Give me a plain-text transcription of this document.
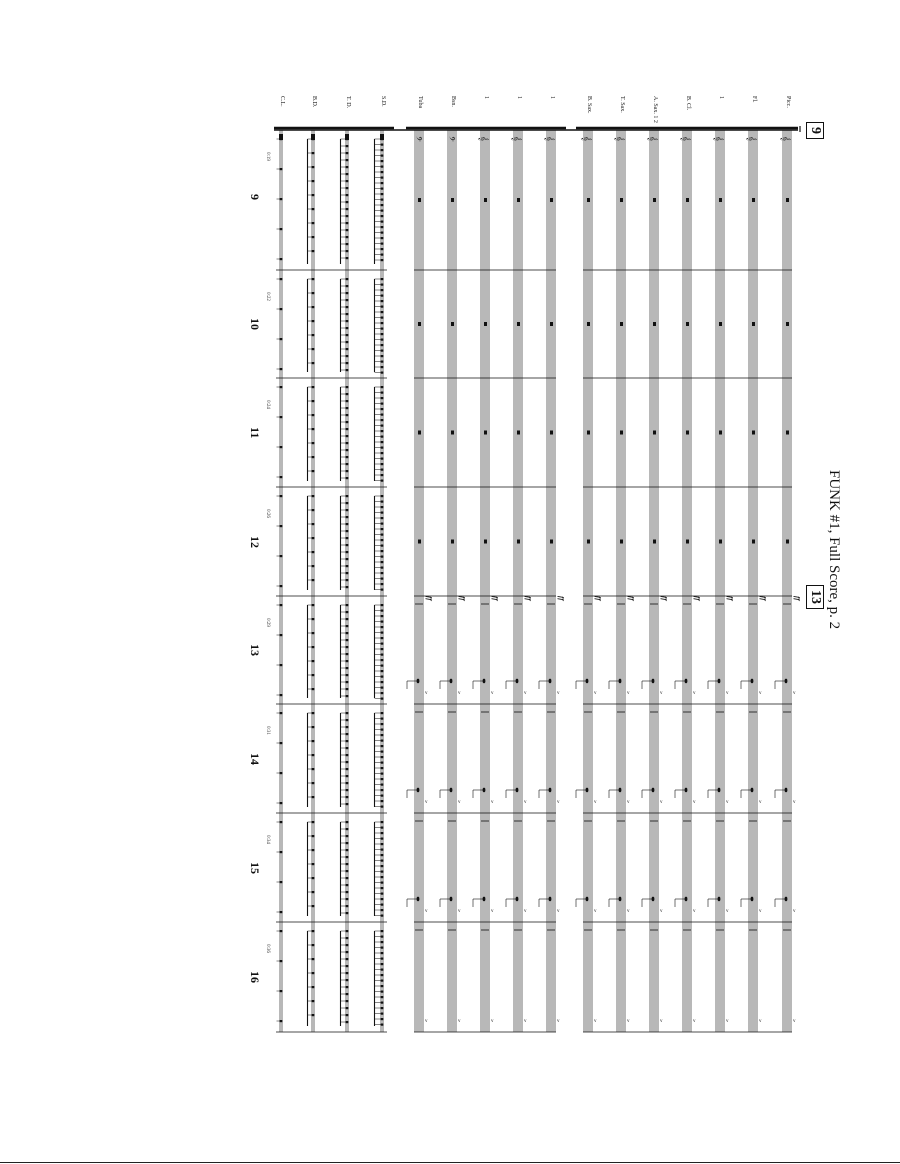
𝄞
𝄞
𝄞
𝄞
𝄞
𝄞
𝄞
𝄞
𝄞
𝄞
𝄢
𝄢
v
v
v
v
v
v
v
v
v
v
v
v
v
v
v
v
v
v
v
v
v
v
v
v
v
v
v
v
v
v
v
v
v
v
v
v
v
v
v
v
v
v
v
v
v
v
v
v
ff
ff
ff
ff
ff
ff
ff
ff
ff
ff
ff
ff	FUNK #1, Full Score, p. 2
9
13
Picc.
Fl.
1
B. Cl.
A. Sax. 1 2
T. Sax.
B. Sax.
1
1
1
Bsn.
Tuba
S.D.
T. D.
B.D.
C.L.
9
10
11
12
13
14
15
16
0:19
0:22
0:24
0:26
0:29
0:31
0:34
0:36
